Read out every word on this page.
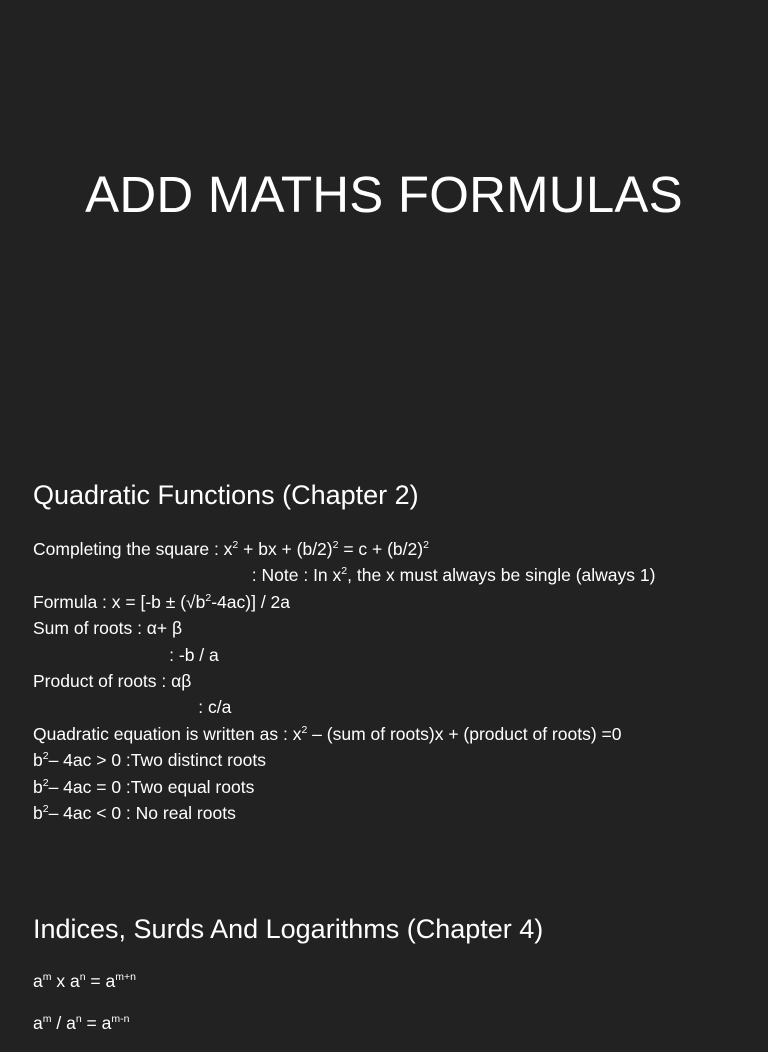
ADD MATHS FORMULAS
Quadratic Functions (Chapter 2)
Completing the square : $x^2$ + bx + $(b/2)^2 = c + (b/2)^2$
: Note : In $x^2$, the x must always be single (always 1)
Formula : $x = [-b \pm (√b^2-4ac)] / 2a$
Sum of roots : α+ β
: -b / a
Product of roots : αβ
: c/a
Quadratic equation is written as : $x^2 - (sum$ of roots)x + (product of roots) =0
$b^2-$ 4ac > 0 :Two distinct roots
$b^2-$ 4ac = 0 :Two equal roots
$b^2-$ 4ac < 0 : No real roots
Indices, Surds And Logarithms (Chapter 4)
$a^m$ x $a^n = a^{m+n}$
$a^m / a^n = a^{m-n}$
